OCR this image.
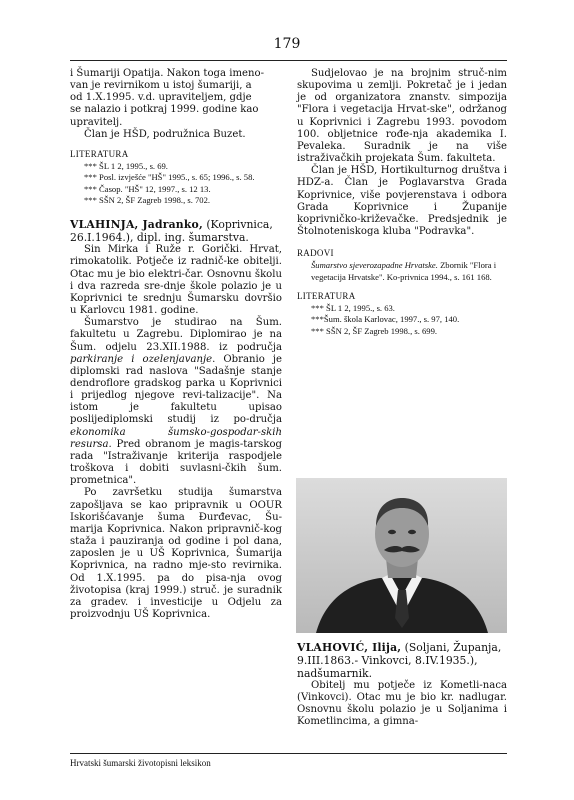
179

i Šumariji Opatija. Nakon toga imeno-

van je revirnikom u istoj šumariji, a

od 1.X.1995. v.d. upraviteljem, gdje

se nalazio i potkraj 1999. godine kao

upravitelj.

Član je HŠD, podružnica Buzet.

LITERATURA

*** ŠL 1 2, 1995., s. 69.

*** Posl. izvješće "HŠ" 1995., s. 65; 1996., s. 58.

*** Časop. "HŠ" 12, 1997., s. 12 13.

*** SŠN 2, ŠF Zagreb 1998., s. 702.

VLAHINJA, Jadranko, (Koprivnica, 26.I.1964.), dipl. ing. šumarstva.

Sin Mirka i Ruže r. Gorički. Hrvat, rimokatolik. Potječe iz radnič-ke obitelji. Otac mu je bio elektri-čar. Osnovnu školu i dva razreda sre-dnje škole polazio je u Koprivnici te srednju Šumarsku dovršio u Karlovcu 1981. godine.

Šumarstvo je studirao na Šum. fakultetu u Zagrebu. Diplomirao je na Šum. odjelu 23.XII.1988. iz područja parkiranje i ozelenjavanje. Obranio je diplomski rad naslova "Sadašnje stanje dendroflore gradskog parka u Koprivnici i prijedlog njegove revi-talizacije". Na istom je fakultetu upisao poslijediplomski studij iz po-dručja ekonomika šumsko-gospodar-skih resursa. Pred obranom je magis-tarskog rada "Istraživanje kriterija raspodjele troškova i dobiti suvlasni-čkih šum. prometnica".

Po završetku studija šumarstva zapošljava se kao pripravnik u OOUR Iskorišćavanje šuma Đurđevac, Šu-marija Koprivnica. Nakon pripravnič-kog staža i pauziranja od godine i pol dana, zaposlen je u UŠ Koprivnica, Šumarija Koprivnica, na radno mje-sto revirnika. Od 1.X.1995. pa do pisa-nja ovog životopisa (kraj 1999.) struč. je suradnik za gradev. i investicije u Odjelu za proizvodnju UŠ Koprivnica.

Sudjelovao je na brojnim struč-nim skupovima u zemlji. Pokretač je i jedan je od organizatora znanstv. simpozija "Flora i vegetacija Hrvat-ske", održanog u Koprivnici i Zagrebu 1993. povodom 100. obljetnice rođe-nja akademika I. Pevaleka. Suradnik je na više istraživačkih projekata Šum. fakulteta.

Član je HŠD, Hortikulturnog društva i HDZ-a. Član je Poglavarstva Grada Koprivnice, više povjerenstava i odbora Grada Koprivnice i Županije koprivničko-križevačke. Predsjednik je Štolnoteniskoga kluba "Podravka".

RADOVI

Šumarstvo sjeverozapadne Hrvatske. Zbornik "Flora i vegetacija Hrvatske". Ko-privnica 1994., s. 161 168.

LITERATURA

*** ŠL 1 2, 1995., s. 63.

***Šum. škola Karlovac, 1997., s. 97, 140.

*** SŠN 2, ŠF Zagreb 1998., s. 699.

VLAHOVIĆ, Ilija, (Soljani, Županja, 9.III.1863.- Vinkovci, 8.IV.1935.), nadšumarnik.

Obitelj mu potječe iz Kometli-naca (Vinkovci). Otac mu je bio kr. nadlugar. Osnovnu školu polazio je u Soljanima i Kometlincima, a gimna-

Hrvatski šumarski životopisni leksikon
